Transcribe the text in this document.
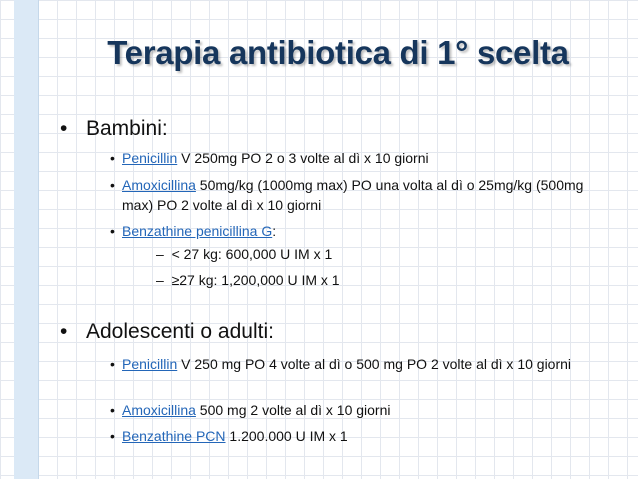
Terapia antibiotica di 1° scelta
• Bambini:
• Penicillin V 250mg PO 2 o 3 volte al dì x 10 giorni
• Amoxicillina 50mg/kg (1000mg max) PO una volta al dì o 25mg/kg (500mg max) PO 2 volte al dì x 10 giorni
• Benzathine penicillina G:
– < 27 kg: 600,000 U IM x 1
– ≥27 kg: 1,200,000 U IM x 1
• Adolescenti o adulti:
• Penicillin V 250 mg PO 4 volte al dì o 500 mg PO 2 volte al dì x 10 giorni
• Amoxicillina 500 mg 2 volte al dì x 10 giorni
• Benzathine PCN 1.200.000 U IM x 1
